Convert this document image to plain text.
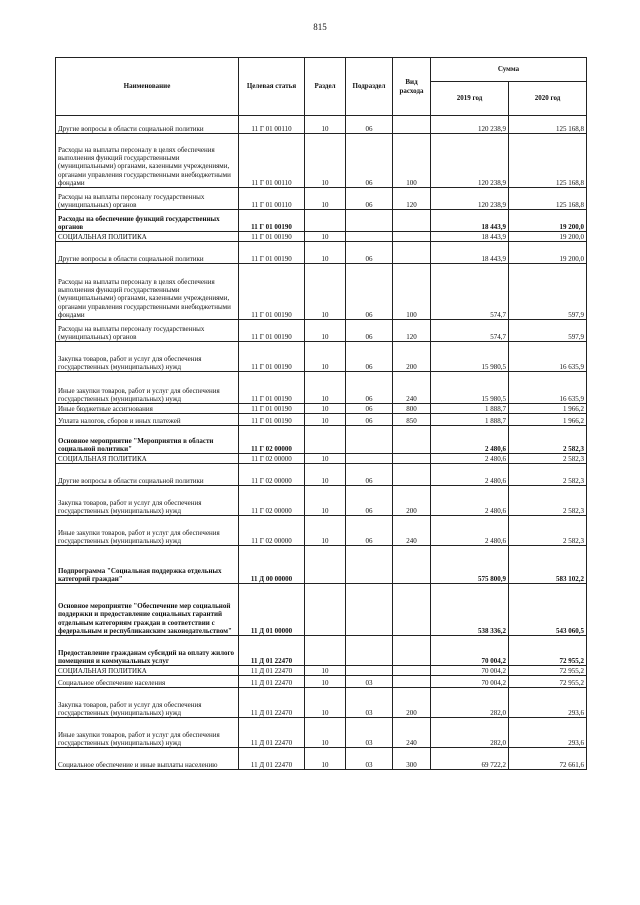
815
Наименование	Целевая статья	Раздел	Подраздел	Вид расхода	Сумма	
					2019 год	2020 год
Другие вопросы в области социальной политики	11 Г 01 00110	10	06		120 238,9	125 168,8
Расходы на выплаты персоналу в целях обеспечения выполнения функций государственными (муниципальными) органами, казенными учреждениями, органами управления государственными внебюджетными фондами	11 Г 01 00110	10	06	100	120 238,9	125 168,8
Расходы на выплаты персоналу государственных (муниципальных) органов	11 Г 01 00110	10	06	120	120 238,9	125 168,8
Расходы на обеспечение функций государственных органов	11 Г 01 00190				18 443,9	19 200,0
СОЦИАЛЬНАЯ ПОЛИТИКА	11 Г 01 00190	10			18 443,9	19 200,0
Другие вопросы в области социальной политики	11 Г 01 00190	10	06		18 443,9	19 200,0
Расходы на выплаты персоналу в целях обеспечения выполнения функций государственными (муниципальными) органами, казенными учреждениями, органами управления государственными внебюджетными фондами	11 Г 01 00190	10	06	100	574,7	597,9
Расходы на выплаты персоналу государственных (муниципальных) органов	11 Г 01 00190	10	06	120	574,7	597,9
Закупка товаров, работ и услуг для обеспечения государственных (муниципальных) нужд	11 Г 01 00190	10	06	200	15 980,5	16 635,9
Иные закупки товаров, работ и услуг для обеспечения государственных (муниципальных) нужд	11 Г 01 00190	10	06	240	15 980,5	16 635,9
Иные бюджетные ассигнования	11 Г 01 00190	10	06	800	1 888,7	1 966,2
Уплата налогов, сборов и иных платежей	11 Г 01 00190	10	06	850	1 888,7	1 966,2
Основное мероприятие "Мероприятия в области социальной политики"	11 Г 02 00000				2 480,6	2 582,3
СОЦИАЛЬНАЯ ПОЛИТИКА	11 Г 02 00000	10			2 480,6	2 582,3
Другие вопросы в области социальной политики	11 Г 02 00000	10	06		2 480,6	2 582,3
Закупка товаров, работ и услуг для обеспечения государственных (муниципальных) нужд	11 Г 02 00000	10	06	200	2 480,6	2 582,3
Иные закупки товаров, работ и услуг для обеспечения государственных (муниципальных) нужд	11 Г 02 00000	10	06	240	2 480,6	2 582,3
Подпрограмма "Социальная поддержка отдельных категорий граждан"	11 Д 00 00000				575 800,9	583 102,2
Основное мероприятие "Обеспечение мер социальной поддержки и предоставление социальных гарантий отдельным категориям граждан в соответствии с федеральным и республиканским законодательством"	11 Д 01 00000				538 336,2	543 060,5
Предоставление гражданам субсидий на оплату жилого помещения и коммунальных услуг	11 Д 01 22470				70 004,2	72 955,2
СОЦИАЛЬНАЯ ПОЛИТИКА	11 Д 01 22470	10			70 004,2	72 955,2
Социальное обеспечение населения	11 Д 01 22470	10	03		70 004,2	72 955,2
Закупка товаров, работ и услуг для обеспечения государственных (муниципальных) нужд	11 Д 01 22470	10	03	200	282,0	293,6
Иные закупки товаров, работ и услуг для обеспечения государственных (муниципальных) нужд	11 Д 01 22470	10	03	240	282,0	293,6
Социальное обеспечение и иные выплаты населению	11 Д 01 22470	10	03	300	69 722,2	72 661,6
